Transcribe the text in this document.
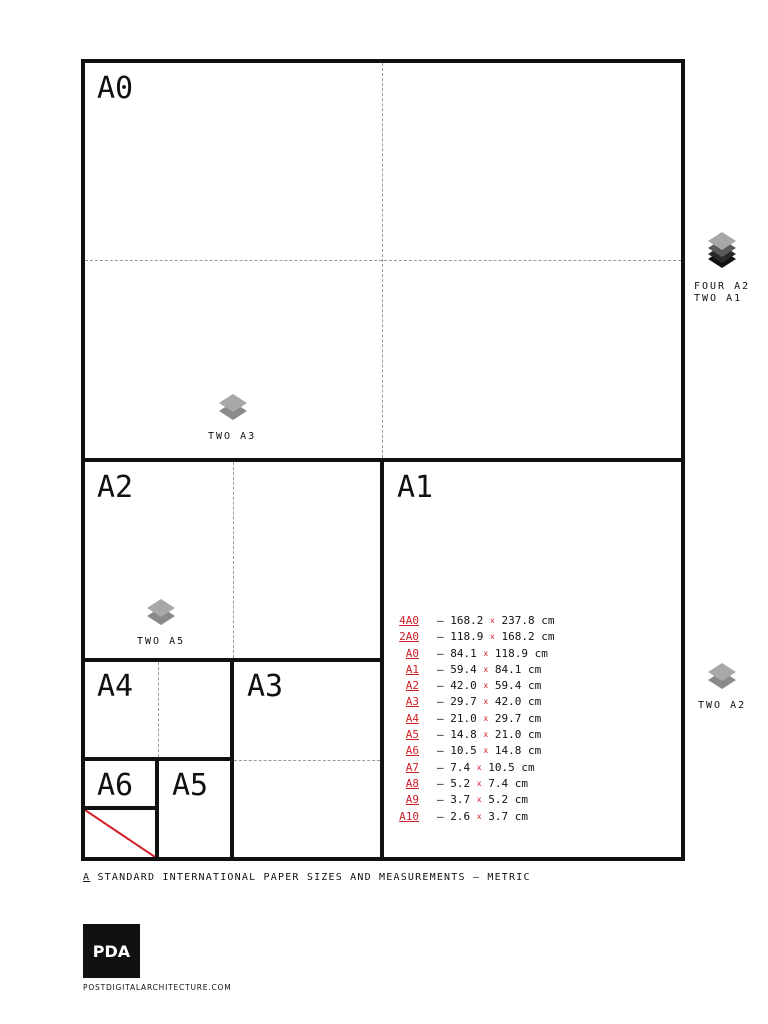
A0
A2	A1
A4	A3
A6 A5
TWO A3
TWO A5
FOUR A2
TWO A1
TWO A2
4A0 — 168.2 $^x$ 237.8 cm
2A0 — 118.9 $^x$ 168.2 cm
A0 — 84.1 $^x$ 118.9 cm
A1 — 59.4 $^x$ 84.1 cm
A2 — 42.0 $^x$ 59.4 cm
A3 — 29.7 $^x$ 42.0 cm
A4 — 21.0 $^x$ 29.7 cm
A5 — 14.8 $^x$ 21.0 cm
A6 — 10.5 $^x$ 14.8 cm
A7 — 7.4 $^x$ 10.5 cm
A8 — 5.2 $^x$ 7.4 cm
A9 — 3.7 $^x$ 5.2 cm
A10 — 2.6 $^x$ 3.7 cm
A STANDARD INTERNATIONAL PAPER SIZES AND MEASUREMENTS — METRIC
PDA
POSTDIGITALARCHITECTURE.COM
